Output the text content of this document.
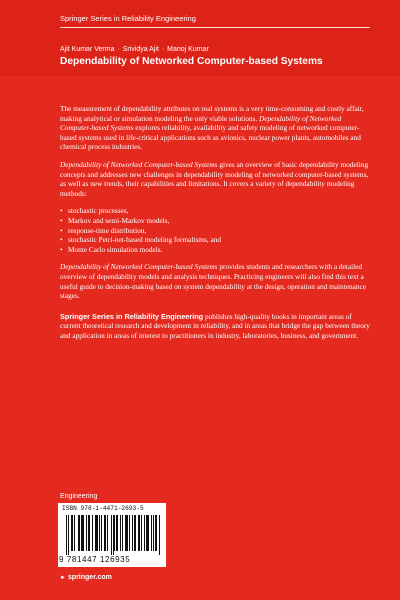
Springer Series in Reliability Engineering
Ajit Kumar Verma · Srividya Ajit · Manoj Kumar
Dependability of Networked Computer-based Systems

The measurement of dependability attributes on real systems is a very time-consuming and costly affair, making analytical or simulation modeling the only viable solutions. Dependability of Networked Computer-based Systems explores reliability, availability and safety modeling of networked computer-based systems used in life-critical applications such as avionics, nuclear power plants, automobiles and chemical process industries.

Dependability of Networked Computer-based Systems gives an overview of basic dependability modeling concepts and addresses new challenges in dependability modeling of networked computer-based systems, as well as new trends, their capabilities and limitations. It covers a variety of dependability modeling methods:

• stochastic processes,
• Markov and semi-Markov models,
• response-time distribution,
• stochastic Petri-net-based modeling formalisms, and
• Monte Carlo simulation models.

Dependability of Networked Computer-based Systems provides students and researchers with a detailed overview of dependability models and analysis techniques. Practicing engineers will also find this text a useful guide to decision-making based on system dependability at the design, operation and maintenance stages.

Springer Series in Reliability Engineering publishes high-quality books in important areas of current theoretical research and development in reliability, and in areas that bridge the gap between theory and application in areas of interest to practitioners in industry, laboratories, business, and government.

Engineering
ISBN 978-1-4471-2693-5
9 781447 126935
► springer.com
